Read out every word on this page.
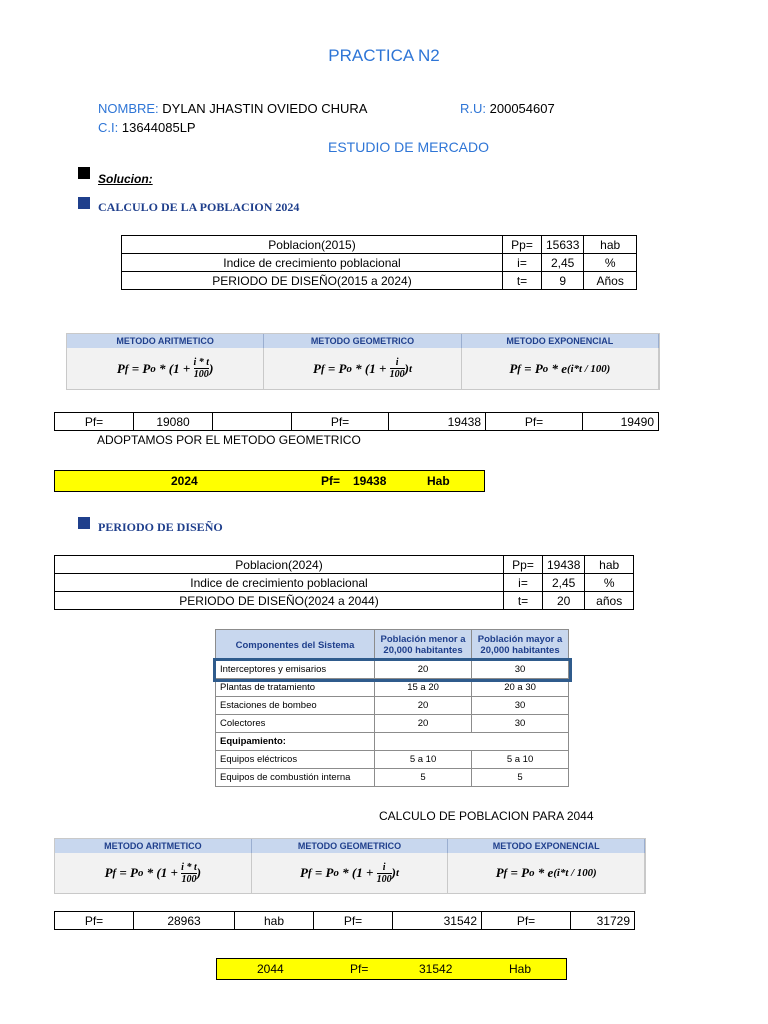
PRACTICA N2
NOMBRE: DYLAN JHASTIN OVIEDO CHURA	R.U: 200054607
C.I: 13644085LP
ESTUDIO DE MERCADO
Solucion:
CALCULO DE LA POBLACION 2024
Poblacion(2015)	Pp=	15633	hab
Indice de crecimiento poblacional	i=	2,45	%
PERIODO DE DISEÑO(2015 a 2024)	t=	9	Años
METODO ARITMETICO	METODO GEOMETRICO	METODO EXPONENCIAL
P f = P $o * (1 + \frac{i * t}{100}$ )	P f = P $o * (1 + \frac{i}{100}$ ) t	P f = P o * e (i*t / 100)
Pf=	19080		Pf=	19438	Pf=	19490
ADOPTAMOS POR EL METODO GEOMETRICO
2024	Pf= 19438	Hab
PERIODO DE DISEÑO
Poblacion(2024)	Pp=	19438	hab
Indice de crecimiento poblacional	i=	2,45	%
PERIODO DE DISEÑO(2024 a 2044)	t=	20	años
Componentes del Sistema	Población menor a 20,000 habitantes	Población mayor a 20,000 habitantes
Interceptores y emisarios	20	30
Plantas de tratamiento	15 a 20	20 a 30
Estaciones de bombeo	20	30
Colectores	20	30
Equipamiento:		
Equipos eléctricos	5 a 10	5 a 10
Equipos de combustión interna	5	5
CALCULO DE POBLACION PARA 2044
METODO ARITMETICO	METODO GEOMETRICO	METODO EXPONENCIAL
P f = P $o * (1 + \frac{i * t}{100}$ )	P f = P $o * (1 + \frac{i}{100}$ ) t	P f = P o * e (i*t / 100)
Pf=	28963	hab	Pf=	31542	Pf=	31729
2044	Pf=	31542	Hab
